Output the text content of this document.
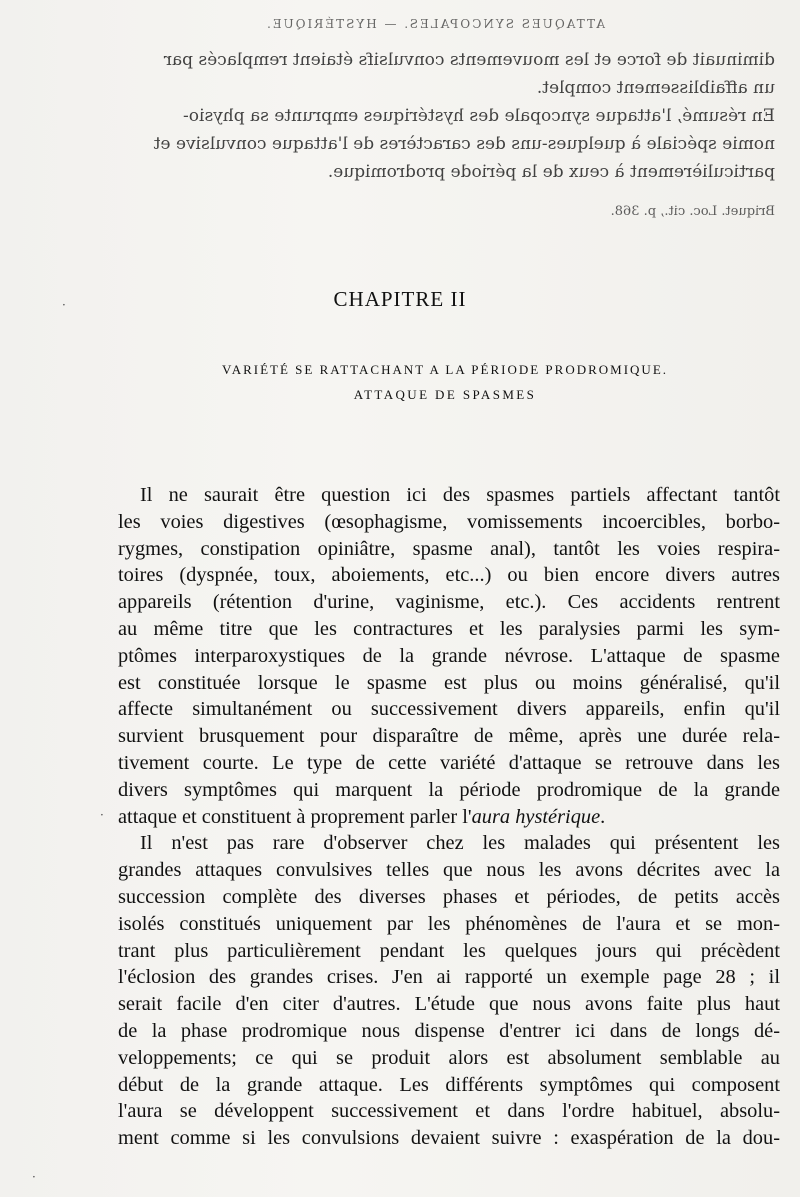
ATTAQUES SYNCOPALES. — HYSTÉRIQUE.

diminuait de force et les mouvements convulsifs étaient remplacés par

un affaiblissement complet.

En résumé, l'attaque syncopale des hystériques emprunte sa physio-

nomie spéciale à quelques-uns des caractères de l'attaque convulsive et

particulièrement à ceux de la période prodromique.

Briquet. Loc. cit., p. 368.

CHAPITRE II
VARIÉTÉ SE RATTACHANT A LA PÉRIODE PRODROMIQUE.
ATTAQUE DE SPASMES
Il ne saurait être question ici des spasmes partiels affectant tantôt
les voies digestives (œsophagisme, vomissements incoercibles, borbo-
rygmes, constipation opiniâtre, spasme anal), tantôt les voies respira-
toires (dyspnée, toux, aboiements, etc...) ou bien encore divers autres
appareils (rétention d'urine, vaginisme, etc.). Ces accidents rentrent
au même titre que les contractures et les paralysies parmi les sym-
ptômes interparoxystiques de la grande névrose. L'attaque de spasme
est constituée lorsque le spasme est plus ou moins généralisé, qu'il
affecte simultanément ou successivement divers appareils, enfin qu'il
survient brusquement pour disparaître de même, après une durée rela-
tivement courte. Le type de cette variété d'attaque se retrouve dans les
divers symptômes qui marquent la période prodromique de la grande
attaque et constituent à proprement parler l'aura hystérique.
Il n'est pas rare d'observer chez les malades qui présentent les
grandes attaques convulsives telles que nous les avons décrites avec la
succession complète des diverses phases et périodes, de petits accès
isolés constitués uniquement par les phénomènes de l'aura et se mon-
trant plus particulièrement pendant les quelques jours qui précèdent
l'éclosion des grandes crises. J'en ai rapporté un exemple page 28 ; il
serait facile d'en citer d'autres. L'étude que nous avons faite plus haut
de la phase prodromique nous dispense d'entrer ici dans de longs dé-
veloppements; ce qui se produit alors est absolument semblable au
début de la grande attaque. Les différents symptômes qui composent
l'aura se développent successivement et dans l'ordre habituel, absolu-
ment comme si les convulsions devaient suivre : exaspération de la dou-
·
·
·
